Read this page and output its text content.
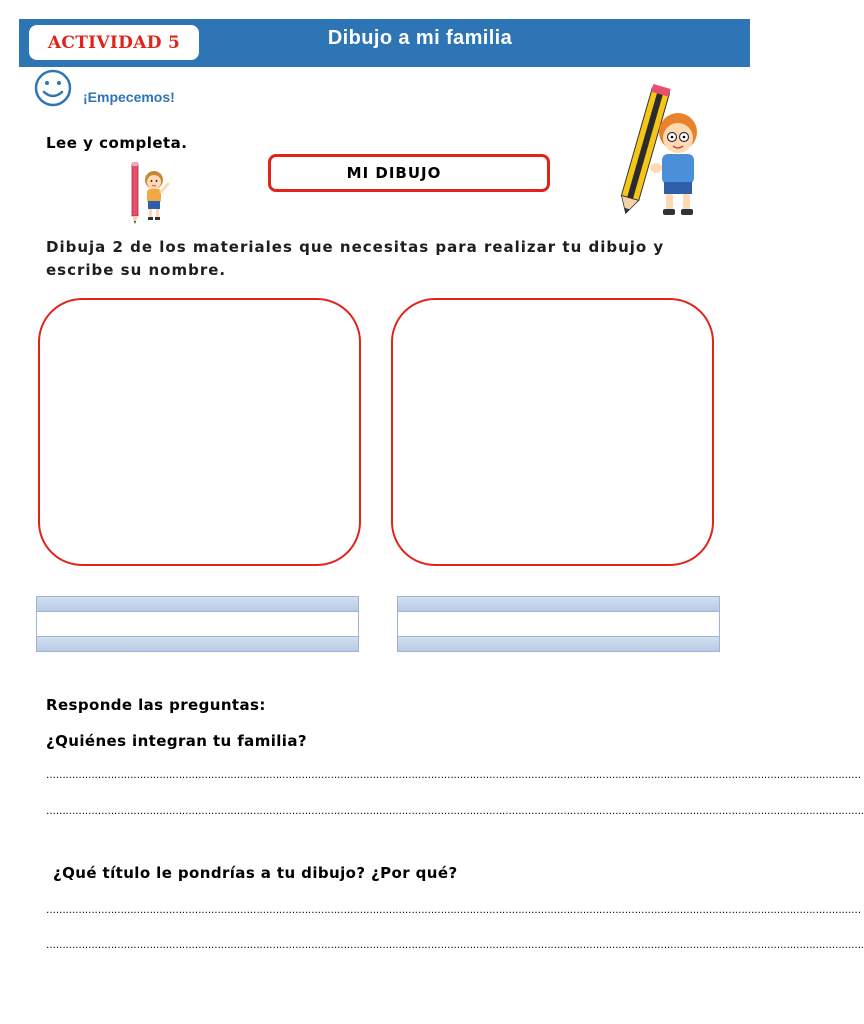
ACTIVIDAD 5	Dibujo a mi familia
¡Empecemos!
Lee y completa.
MI DIBUJO
Dibuja 2 de los materiales que necesitas para realizar tu dibujo y escribe su nombre.
Responde las preguntas:
¿Quiénes integran tu familia?
………………………………………………………………………………………………………………………………………………………………………………………………………………………………
……………………………………………………………………………………………………………………………………………………………………………………………………………………………….
¿Qué título le pondrías a tu dibujo? ¿Por qué?
………………………………………………………………………………………………………………………………………………………………………………………………………………………………
……………………………………………………………………………………………………………………………………………………………………………………………………………………………….
